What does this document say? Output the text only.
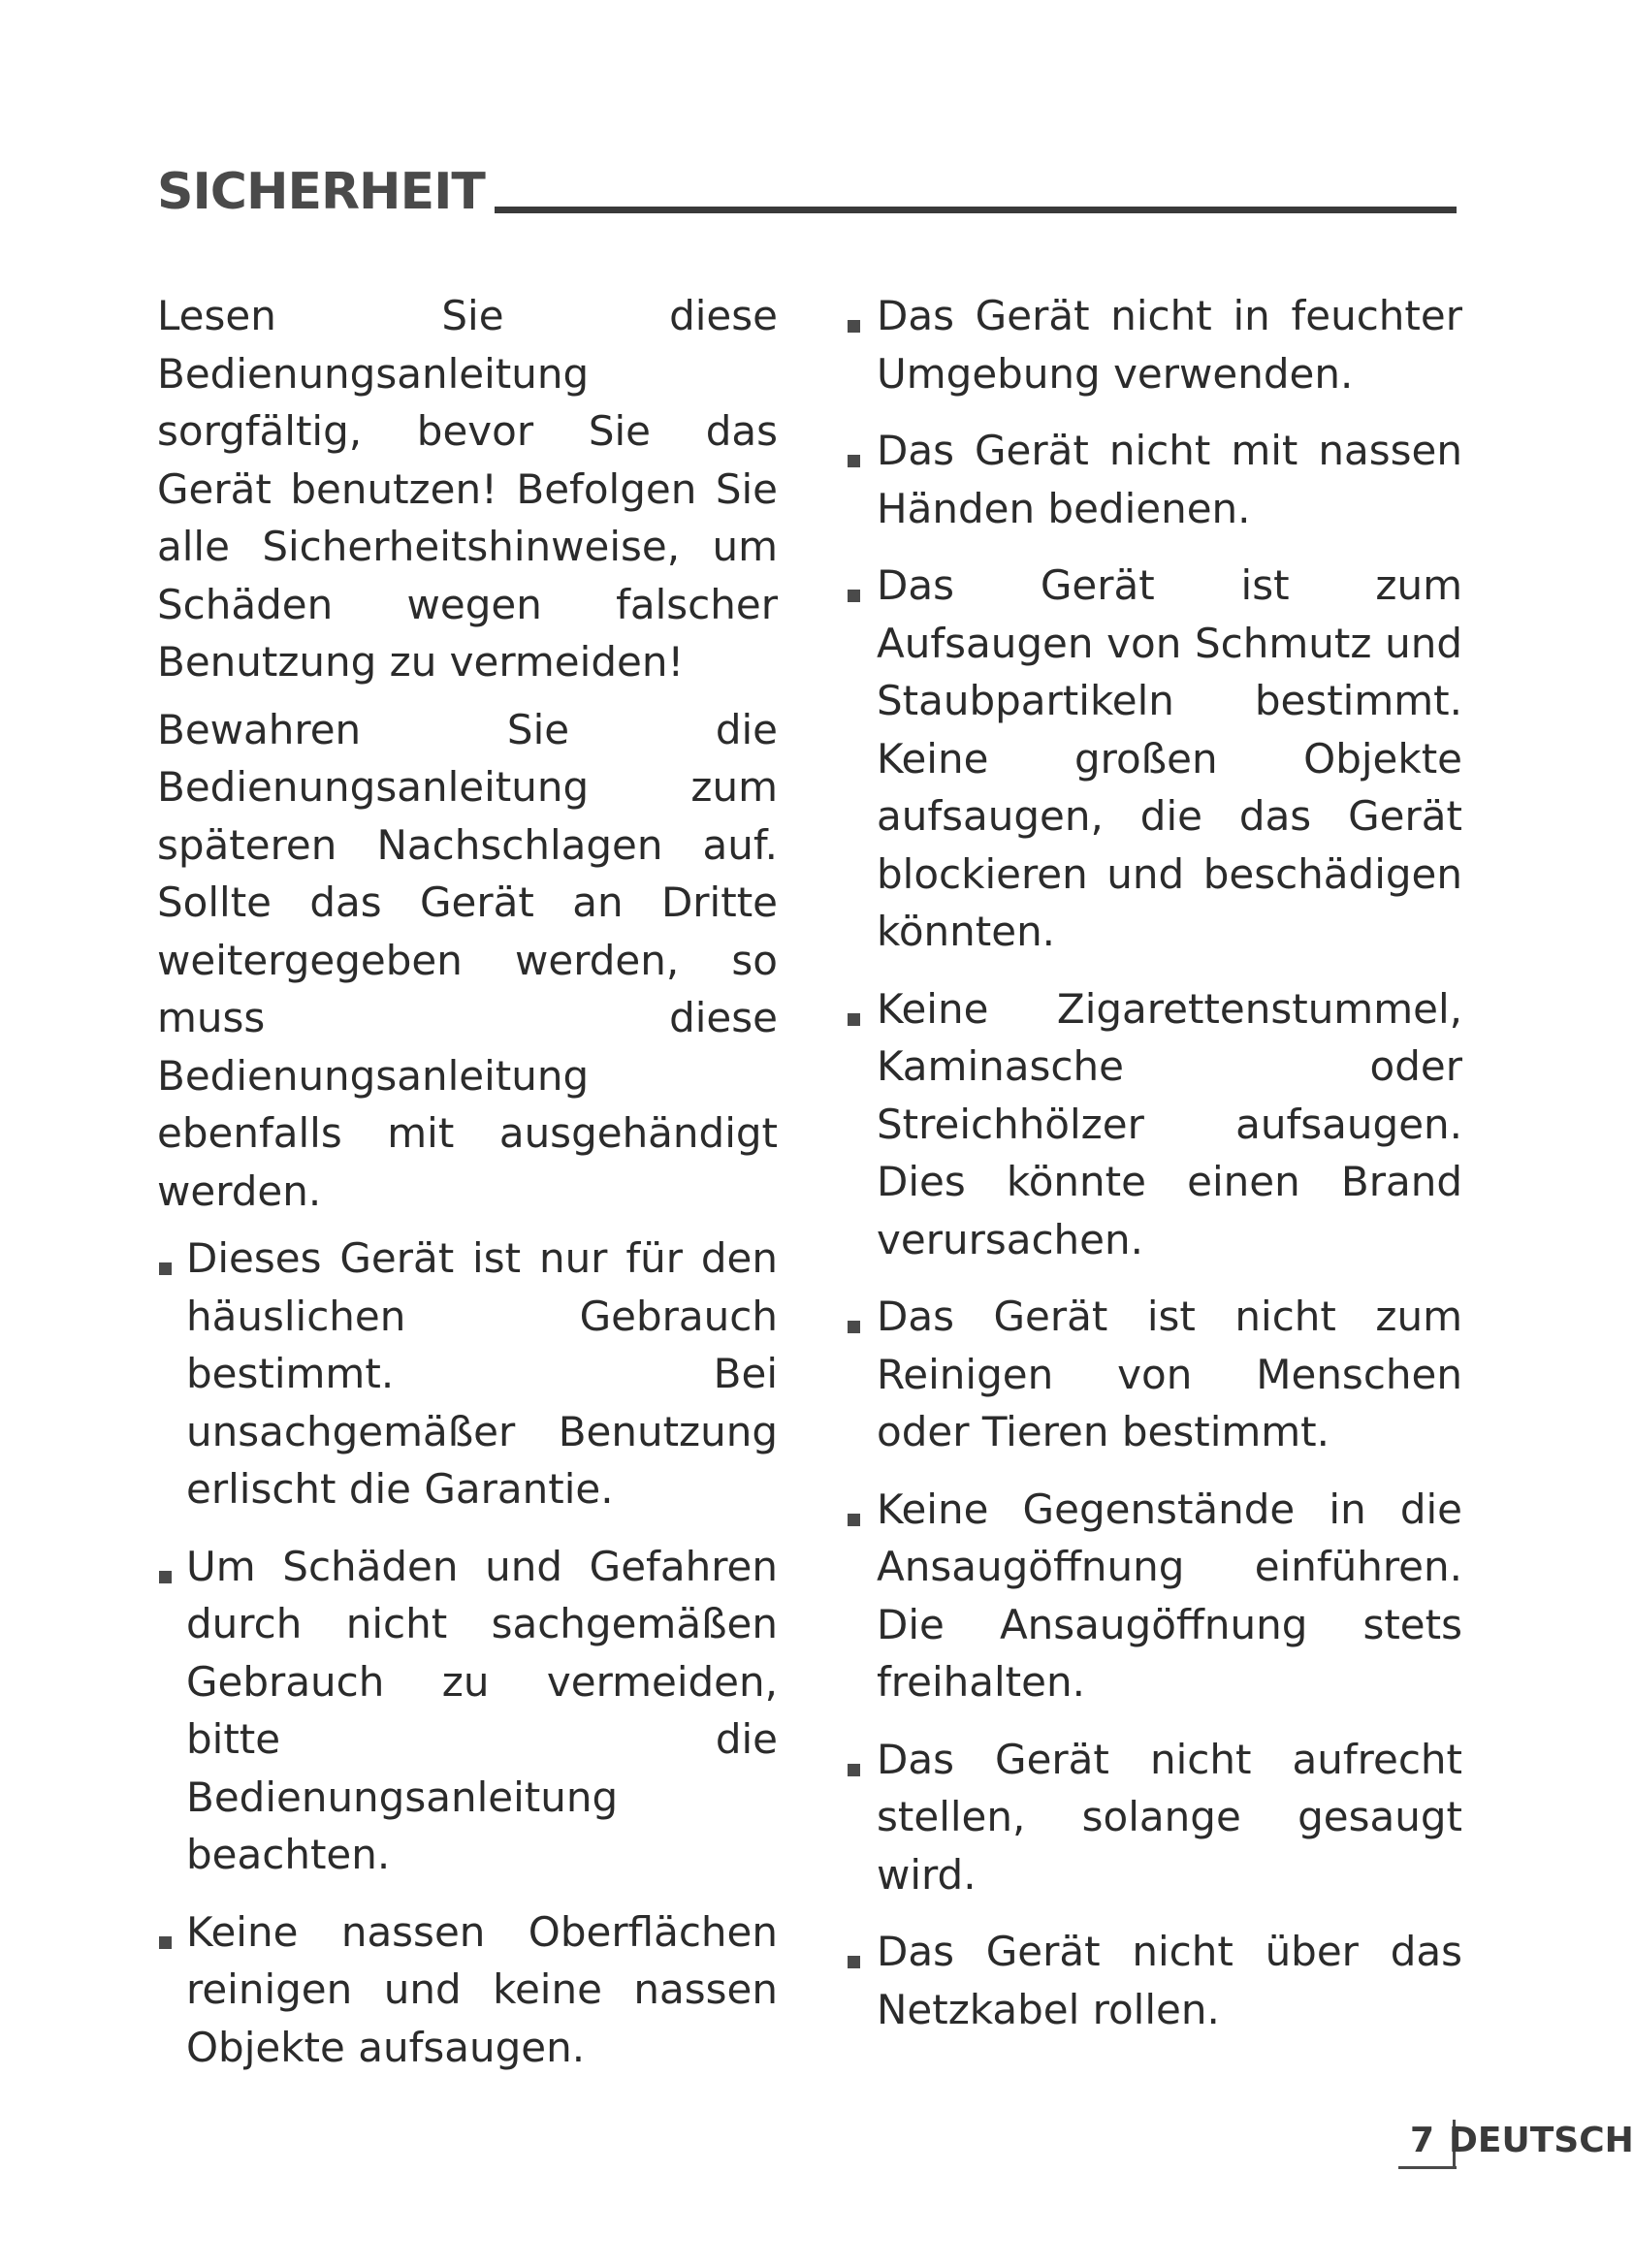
SICHERHEIT

Lesen Sie diese Bedienungsanleitung sorgfältig, bevor Sie das Gerät benutzen! Befolgen Sie alle Sicherheitshinweise, um Schäden wegen falscher Benutzung zu vermeiden!

Bewahren Sie die Bedienungsanleitung zum späteren Nachschlagen auf. Sollte das Gerät an Dritte weitergegeben werden, so muss diese Bedienungsanleitung ebenfalls mit ausgehändigt werden.

Dieses Gerät ist nur für den häuslichen Gebrauch bestimmt. Bei unsachgemäßer Benutzung erlischt die Garantie.
Um Schäden und Gefahren durch nicht sachgemäßen Gebrauch zu vermeiden, bitte die Bedienungsanleitung beachten.
Keine nassen Oberflächen reinigen und keine nassen Objekte aufsaugen.
Das Gerät nicht in feuchter Umgebung verwenden.
Das Gerät nicht mit nassen Händen bedienen.
Das Gerät ist zum Aufsaugen von Schmutz und Staubpartikeln bestimmt. Keine großen Objekte aufsaugen, die das Gerät blockieren und beschädigen könnten.
Keine Zigarettenstummel, Kaminasche oder Streichhölzer aufsaugen. Dies könnte einen Brand verursachen.
Das Gerät ist nicht zum Reinigen von Menschen oder Tieren bestimmt.
Keine Gegenstände in die Ansaugöffnung einführen. Die Ansaugöffnung stets freihalten.
Das Gerät nicht aufrecht stellen, solange gesaugt wird.
Das Gerät nicht über das Netzkabel rollen.
7 DEUTSCH
